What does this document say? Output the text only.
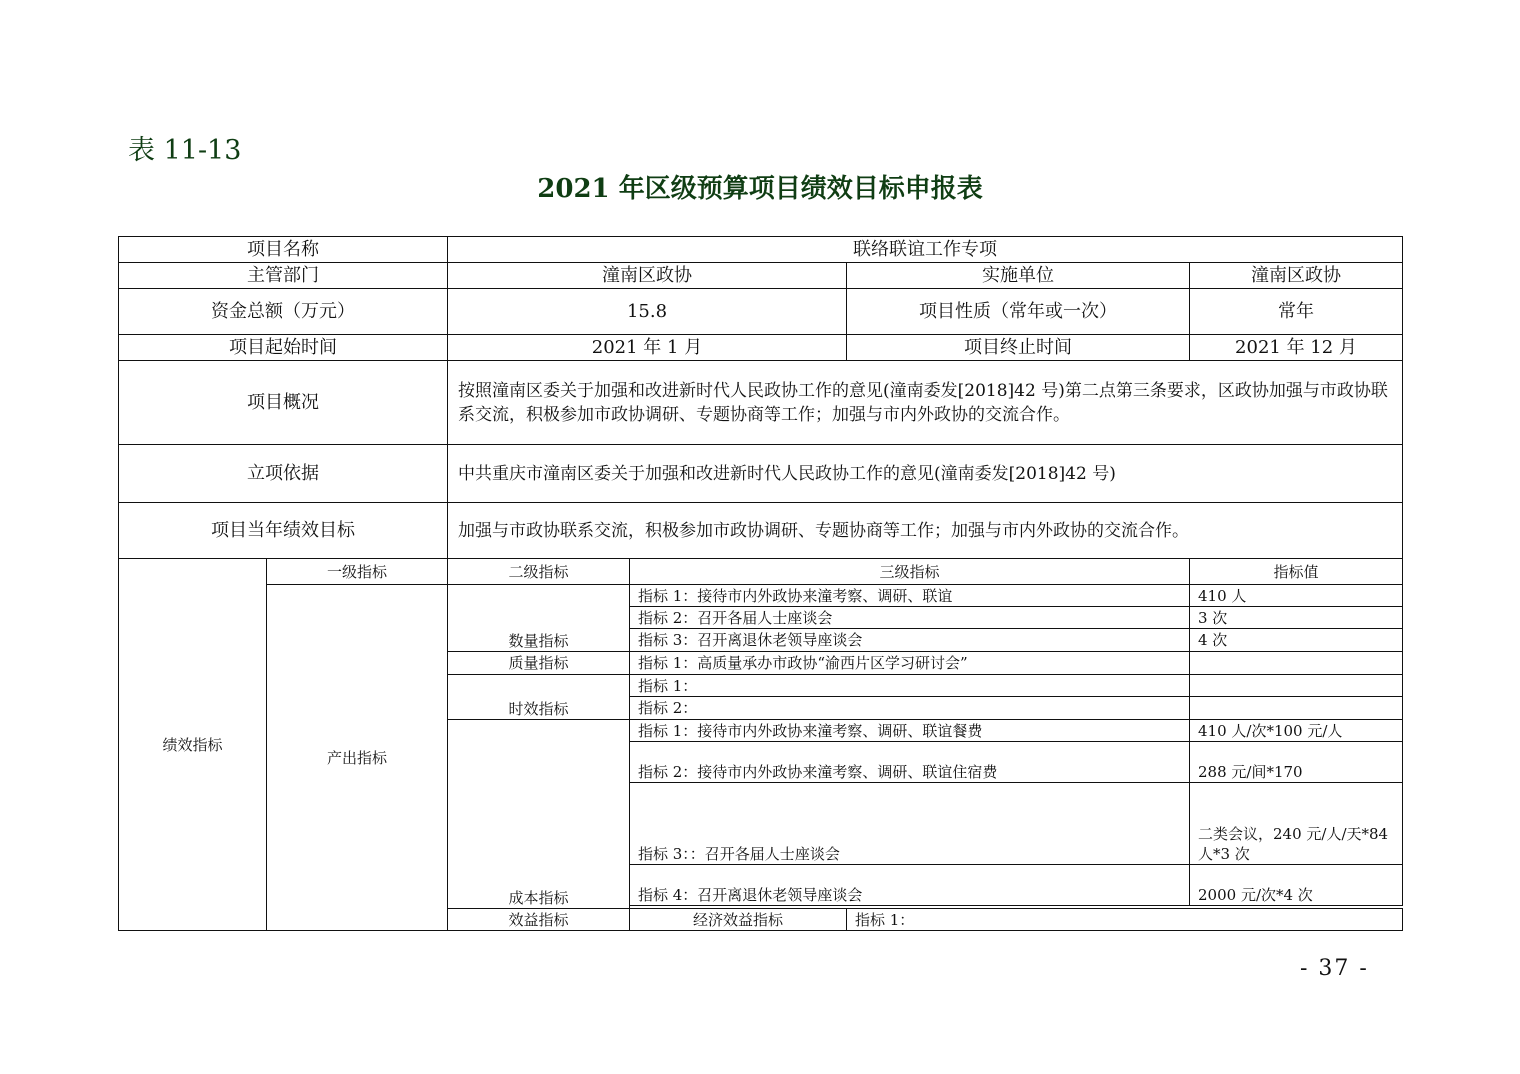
表 11-13
2021 年区级预算项目绩效目标申报表
项目名称		联络联谊工作专项				
主管部门		潼南区政协		实施单位	潼南区政协	
资金总额（万元）		15.8		项目性质（常年或一次）	常年	
项目起始时间		2021 年 1 月		项目终止时间	2021 年 12 月	
项目概况		按照潼南区委关于加强和改进新时代人民政协工作的意见(潼南委发[2018]42 号)第二点第三条要求，区政协加强与市政协联系交流，积极参加市政协调研、专题协商等工作；加强与市内外政协的交流合作。				
立项依据		中共重庆市潼南区委关于加强和改进新时代人民政协工作的意见(潼南委发[2018]42 号)				
项目当年绩效目标		加强与市政协联系交流，积极参加市政协调研、专题协商等工作；加强与市内外政协的交流合作。				
绩效指标	一级指标	二级指标	三级指标		指标值	
	产出指标	数量指标	指标 1：接待市内外政协来潼考察、调研、联谊		410 人	
			指标 2：召开各届人士座谈会		3 次	
			指标 3：召开离退休老领导座谈会		4 次	
		质量指标	指标 1：高质量承办市政协“渝西片区学习研讨会”			
		时效指标	指标 1：			
			指标 2：			
		成本指标	指标 1：接待市内外政协来潼考察、调研、联谊餐费		410 人/次*100 元/人	
			指标 2：接待市内外政协来潼考察、调研、联谊住宿费		288 元/间*170	
			指标 3：：召开各届人士座谈会		二类会议，240 元/人/天*84 人*3 次	
			指标 4：召开离退休老领导座谈会		2000 元/次*4 次	

		效益指标	经济效益指标	指标 1：		
- 37 -
